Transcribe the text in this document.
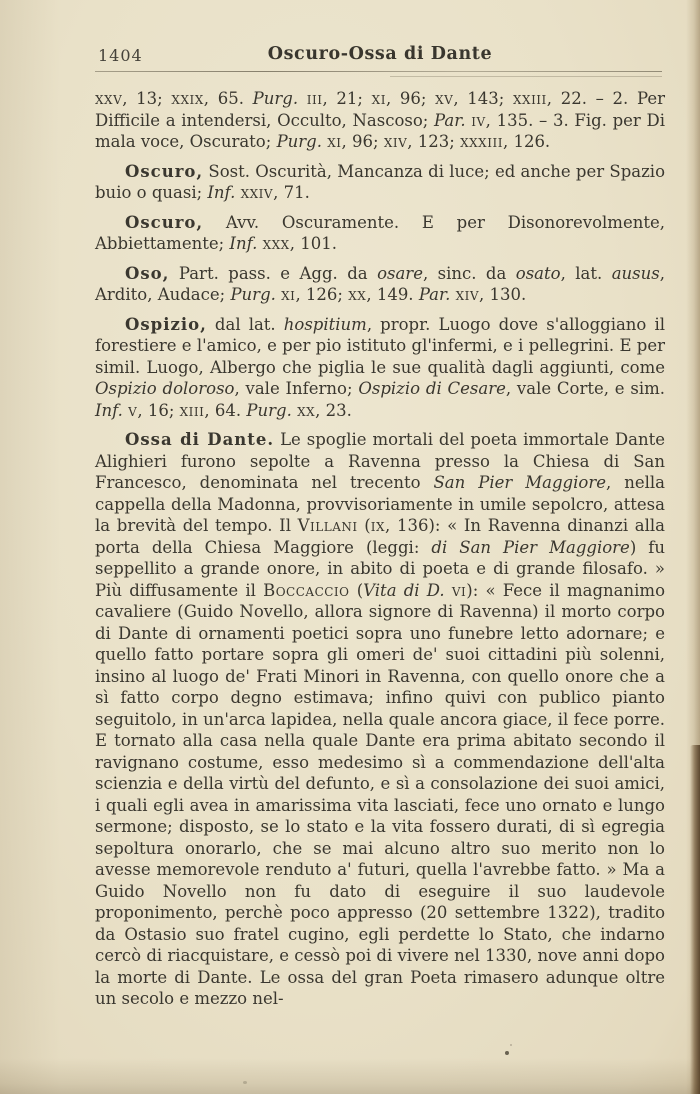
1404	Oscuro-Ossa di Dante
xxv, 13; xxix, 65. Purg. iii, 21; xi, 96; xv, 143; xxiii, 22. – 2. Per Difficile a intendersi, Occulto, Nascoso; Par. iv, 135. – 3. Fig. per Di mala voce, Oscurato; Purg. xi, 96; xiv, 123; xxxiii, 126.
Oscuro, Sost. Oscurità, Mancanza di luce; ed anche per Spazio buio o quasi; Inf. xxiv, 71.
Oscuro, Avv. Oscuramente. E per Disonorevolmente, Abbiettamente; Inf. xxx, 101.
Oso, Part. pass. e Agg. da osare, sinc. da osato, lat. ausus, Ardito, Audace; Purg. xi, 126; xx, 149. Par. xiv, 130.
Ospizio, dal lat. hospitium, propr. Luogo dove s'alloggiano il forestiere e l'amico, e per pio istituto gl'infermi, e i pellegrini. E per simil. Luogo, Albergo che piglia le sue qualità dagli aggiunti, come Ospizio doloroso, vale Inferno; Ospizio di Cesare, vale Corte, e sim. Inf. v, 16; xiii, 64. Purg. xx, 23.
Ossa di Dante. Le spoglie mortali del poeta immortale Dante Alighieri furono sepolte a Ravenna presso la Chiesa di San Francesco, denominata nel trecento San Pier Maggiore, nella cappella della Madonna, provvisoriamente in umile sepolcro, attesa la brevità del tempo. Il Villani (ix, 136): « In Ravenna dinanzi alla porta della Chiesa Maggiore (leggi: di San Pier Maggiore) fu seppellito a grande onore, in abito di poeta e di grande filosafo. » Più diffusamente il Boccaccio (Vita di D. vi): « Fece il magnanimo cavaliere (Guido Novello, allora signore di Ravenna) il morto corpo di Dante di ornamenti poetici sopra uno funebre letto adornare; e quello fatto portare sopra gli omeri de' suoi cittadini più solenni, insino al luogo de' Frati Minori in Ravenna, con quello onore che a sì fatto corpo degno estimava; infino quivi con publico pianto seguitolo, in un'arca lapidea, nella quale ancora giace, il fece porre. E tornato alla casa nella quale Dante era prima abitato secondo il ravignano costume, esso medesimo sì a commendazione dell'alta scienzia e della virtù del defunto, e sì a consolazione dei suoi amici, i quali egli avea in amarissima vita lasciati, fece uno ornato e lungo sermone; disposto, se lo stato e la vita fossero durati, di sì egregia sepoltura onorarlo, che se mai alcuno altro suo merito non lo avesse memorevole renduto a' futuri, quella l'avrebbe fatto. » Ma a Guido Novello non fu dato di eseguire il suo laudevole proponimento, perchè poco appresso (20 settembre 1322), tradito da Ostasio suo fratel cugino, egli perdette lo Stato, che indarno cercò di riacquistare, e cessò poi di vivere nel 1330, nove anni dopo la morte di Dante. Le ossa del gran Poeta rimasero adunque oltre un secolo e mezzo nel-
